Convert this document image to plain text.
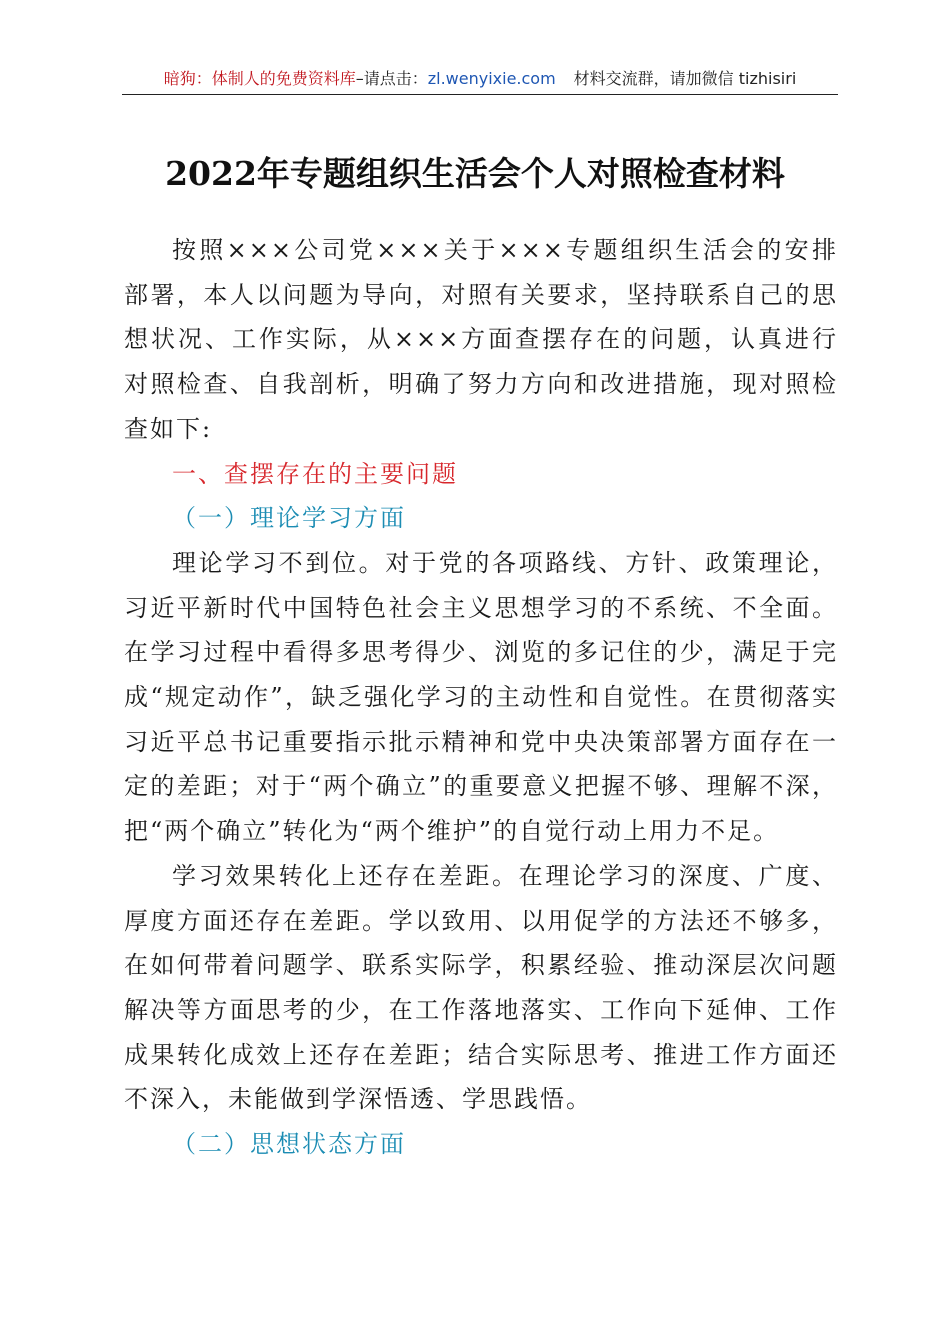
暗狗：体制人的免费资料库–请点击：zl.wenyixie.com 材料交流群，请加微信 tizhisiri
2022年专题组织生活会个人对照检查材料

按照×××公司党×××关于×××专题组织生活会的安排部署，本人以问题为导向，对照有关要求，坚持联系自己的思想状况、工作实际，从×××方面查摆存在的问题，认真进行对照检查、自我剖析，明确了努力方向和改进措施，现对照检查如下:

一、查摆存在的主要问题

（一）理论学习方面

理论学习不到位。对于党的各项路线、方针、政策理论，习近平新时代中国特色社会主义思想学习的不系统、不全面。在学习过程中看得多思考得少、浏览的多记住的少，满足于完成“规定动作”，缺乏强化学习的主动性和自觉性。在贯彻落实习近平总书记重要指示批示精神和党中央决策部署方面存在一定的差距；对于“两个确立”的重要意义把握不够、理解不深，把“两个确立”转化为“两个维护”的自觉行动上用力不足。

学习效果转化上还存在差距。在理论学习的深度、广度、厚度方面还存在差距。学以致用、以用促学的方法还不够多，在如何带着问题学、联系实际学，积累经验、推动深层次问题解决等方面思考的少，在工作落地落实、工作向下延伸、工作成果转化成效上还存在差距；结合实际思考、推进工作方面还不深入，未能做到学深悟透、学思践悟。

（二）思想状态方面
